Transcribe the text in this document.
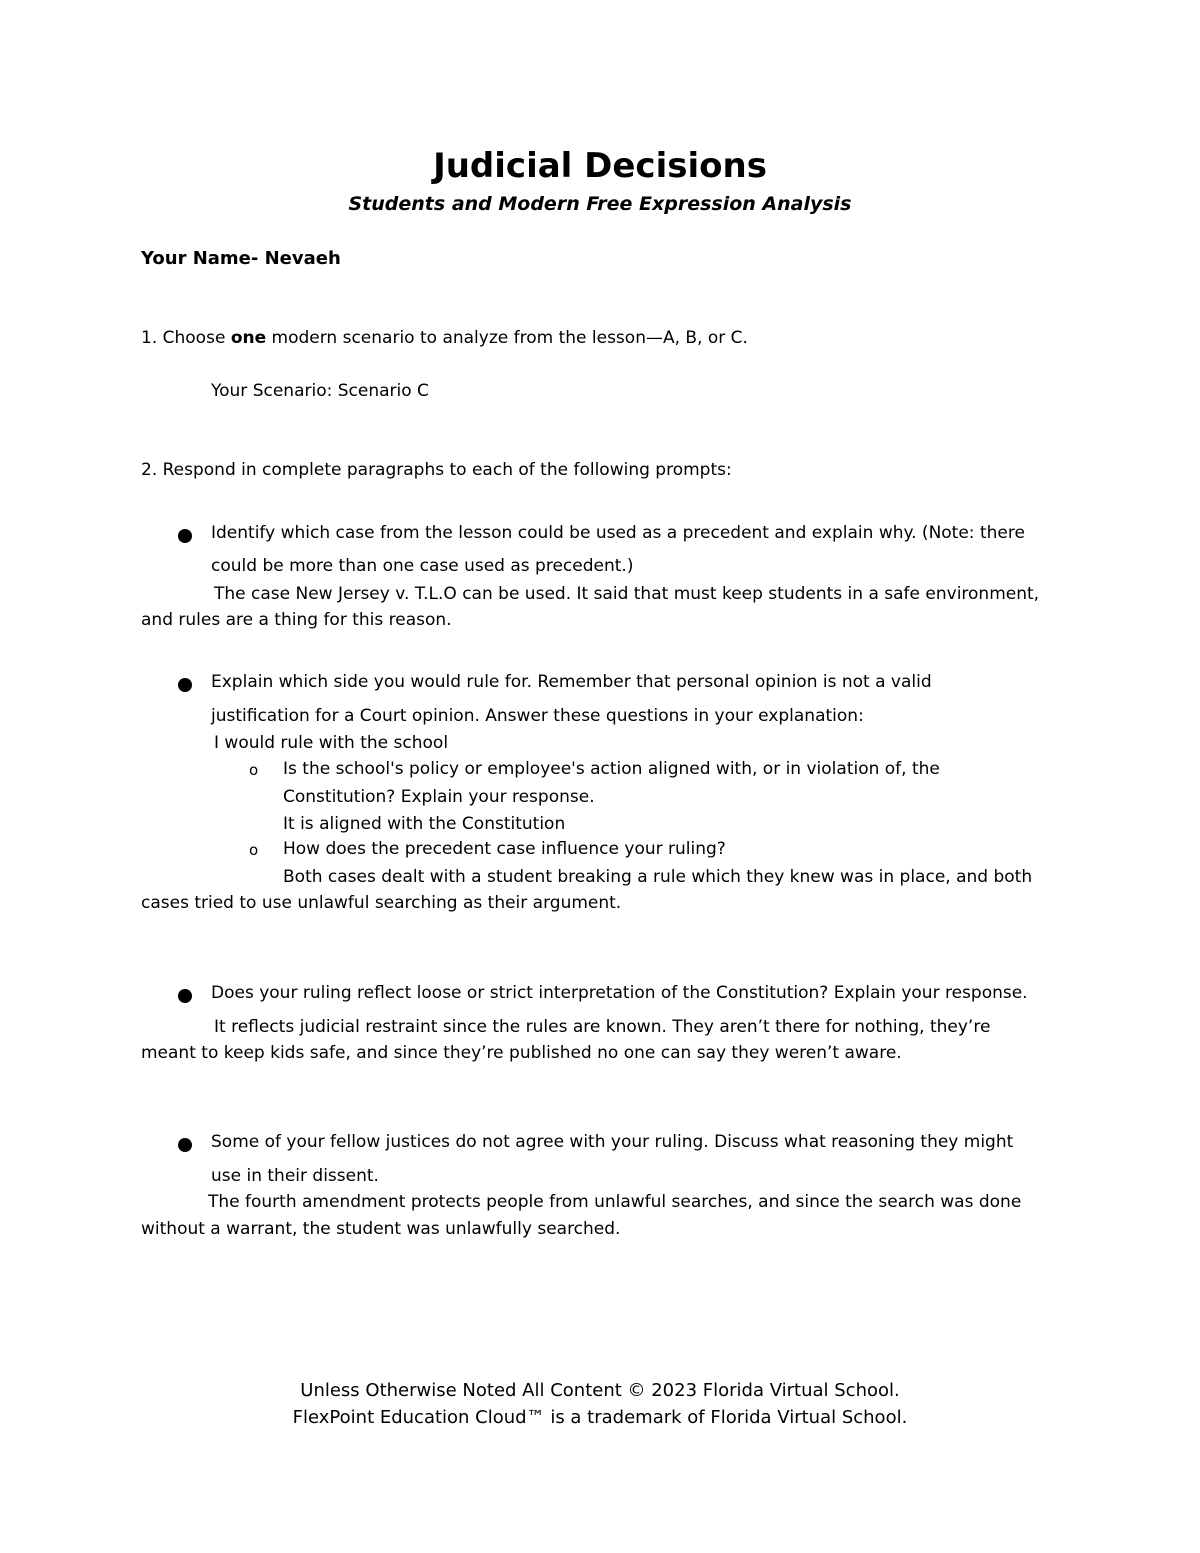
Judicial Decisions
Students and Modern Free Expression Analysis
Your Name- Nevaeh
1. Choose one modern scenario to analyze from the lesson—A, B, or C.
Your Scenario: Scenario C
2. Respond in complete paragraphs to each of the following prompts:
Identify which case from the lesson could be used as a precedent and explain why. (Note: there
could be more than one case used as precedent.)
The case New Jersey v. T.L.O can be used. It said that must keep students in a safe environment,
and rules are a thing for this reason.
Explain which side you would rule for. Remember that personal opinion is not a valid
justification for a Court opinion. Answer these questions in your explanation:
I would rule with the school
o Is the school's policy or employee's action aligned with, or in violation of, the
Constitution? Explain your response.
It is aligned with the Constitution
o How does the precedent case influence your ruling?
Both cases dealt with a student breaking a rule which they knew was in place, and both
cases tried to use unlawful searching as their argument.
Does your ruling reflect loose or strict interpretation of the Constitution? Explain your response.
It reflects judicial restraint since the rules are known. They aren’t there for nothing, they’re
meant to keep kids safe, and since they’re published no one can say they weren’t aware.
Some of your fellow justices do not agree with your ruling. Discuss what reasoning they might
use in their dissent.
The fourth amendment protects people from unlawful searches, and since the search was done
without a warrant, the student was unlawfully searched.
Unless Otherwise Noted All Content © 2023 Florida Virtual School.
FlexPoint Education Cloud™ is a trademark of Florida Virtual School.
